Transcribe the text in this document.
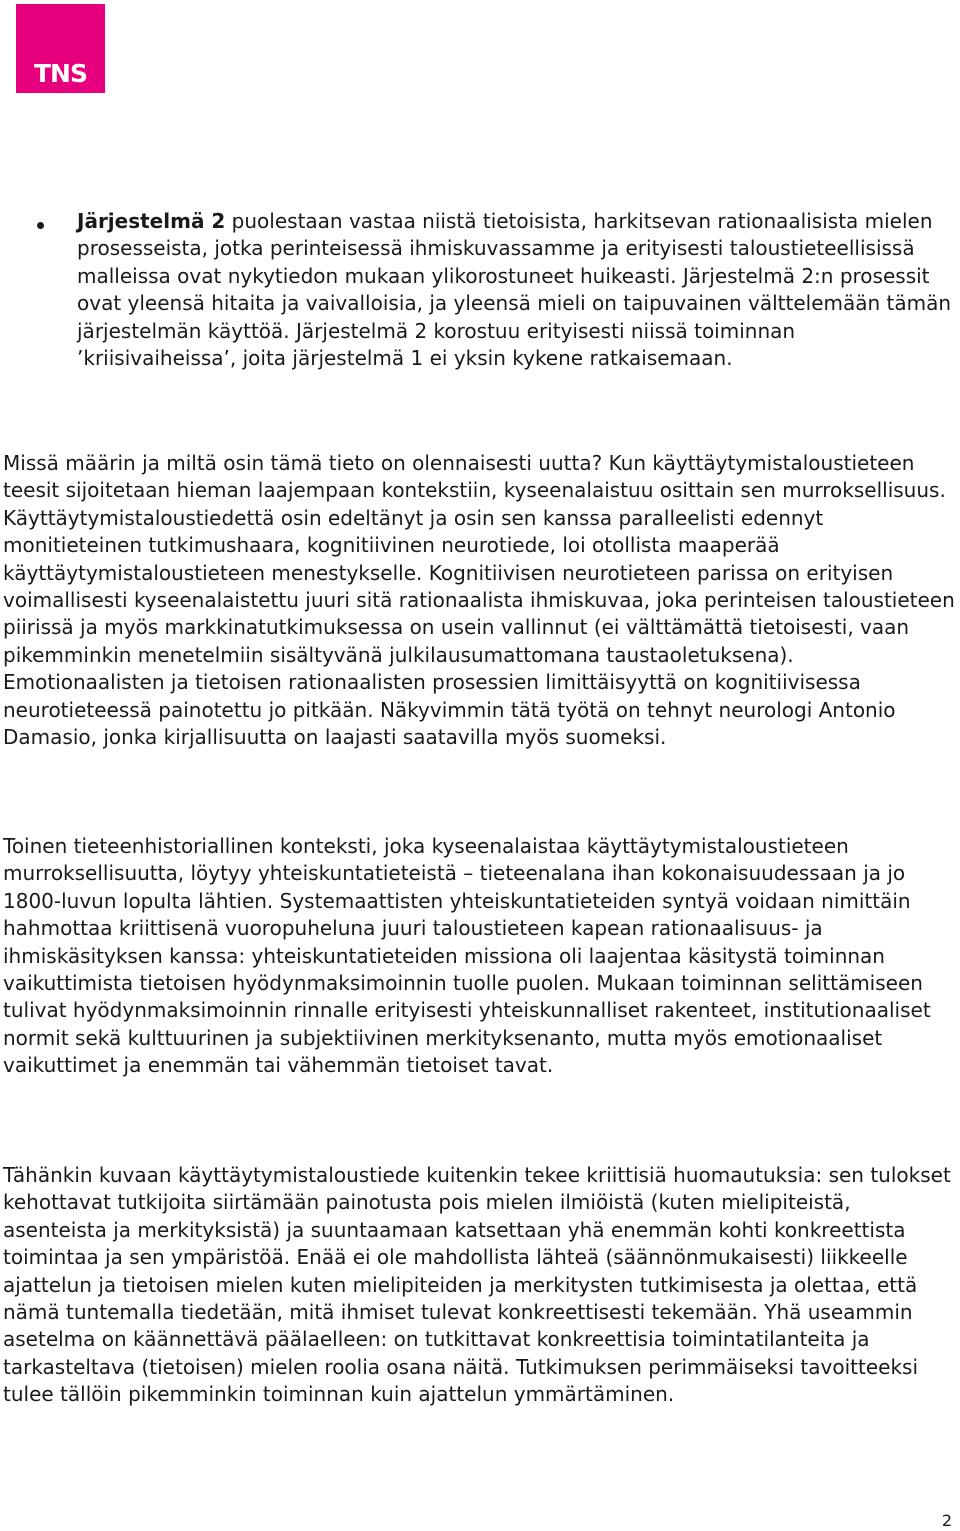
TNS

Järjestelmä 2 puolestaan vastaa niistä tietoisista, harkitsevan rationaalisista mielen prosesseista, jotka perinteisessä ihmiskuvassamme ja erityisesti taloustieteellisissä malleissa ovat nykytiedon mukaan ylikorostuneet huikeasti. Järjestelmä 2:n prosessit ovat yleensä hitaita ja vaivalloisia, ja yleensä mieli on taipuvainen välttelemään tämän järjestelmän käyttöä. Järjestelmä 2 korostuu erityisesti niissä toiminnan ’kriisivaiheissa’, joita järjestelmä 1 ei yksin kykene ratkaisemaan.

Missä määrin ja miltä osin tämä tieto on olennaisesti uutta? Kun käyttäytymistaloustieteen teesit sijoitetaan hieman laajempaan kontekstiin, kyseenalaistuu osittain sen murroksellisuus. Käyttäytymistaloustiedettä osin edeltänyt ja osin sen kanssa paralleelisti edennyt monitieteinen tutkimushaara, kognitiivinen neurotiede, loi otollista maaperää käyttäytymistaloustieteen menestykselle. Kognitiivisen neurotieteen parissa on erityisen voimallisesti kyseenalaistettu juuri sitä rationaalista ihmiskuvaa, joka perinteisen taloustieteen piirissä ja myös markkinatutkimuksessa on usein vallinnut (ei välttämättä tietoisesti, vaan pikemminkin menetelmiin sisältyvänä julkilausumattomana taustaoletuksena). Emotionaalisten ja tietoisen rationaalisten prosessien limittäisyyttä on kognitiivisessa neurotieteessä painotettu jo pitkään. Näkyvimmin tätä työtä on tehnyt neurologi Antonio Damasio, jonka kirjallisuutta on laajasti saatavilla myös suomeksi.

Toinen tieteenhistoriallinen konteksti, joka kyseenalaistaa käyttäytymistaloustieteen murroksellisuutta, löytyy yhteiskuntatieteistä – tieteenalana ihan kokonaisuudessaan ja jo 1800-luvun lopulta lähtien. Systemaattisten yhteiskuntatieteiden syntyä voidaan nimittäin hahmottaa kriittisenä vuoropuheluna juuri taloustieteen kapean rationaalisuus- ja ihmiskäsityksen kanssa: yhteiskuntatieteiden missiona oli laajentaa käsitystä toiminnan vaikuttimista tietoisen hyödynmaksimoinnin tuolle puolen. Mukaan toiminnan selittämiseen tulivat hyödynmaksimoinnin rinnalle erityisesti yhteiskunnalliset rakenteet, institutionaaliset normit sekä kulttuurinen ja subjektiivinen merkityksenanto, mutta myös emotionaaliset vaikuttimet ja enemmän tai vähemmän tietoiset tavat.

Tähänkin kuvaan käyttäytymistaloustiede kuitenkin tekee kriittisiä huomautuksia: sen tulokset kehottavat tutkijoita siirtämään painotusta pois mielen ilmiöistä (kuten mielipiteistä, asenteista ja merkityksistä) ja suuntaamaan katsettaan yhä enemmän kohti konkreettista toimintaa ja sen ympäristöä. Enää ei ole mahdollista lähteä (säännönmukaisesti) liikkeelle ajattelun ja tietoisen mielen kuten mielipiteiden ja merkitysten tutkimisesta ja olettaa, että nämä tuntemalla tiedetään, mitä ihmiset tulevat konkreettisesti tekemään. Yhä useammin asetelma on käännettävä päälaelleen: on tutkittavat konkreettisia toimintatilanteita ja tarkasteltava (tietoisen) mielen roolia osana näitä. Tutkimuksen perimmäiseksi tavoitteeksi tulee tällöin pikemminkin toiminnan kuin ajattelun ymmärtäminen.

2
